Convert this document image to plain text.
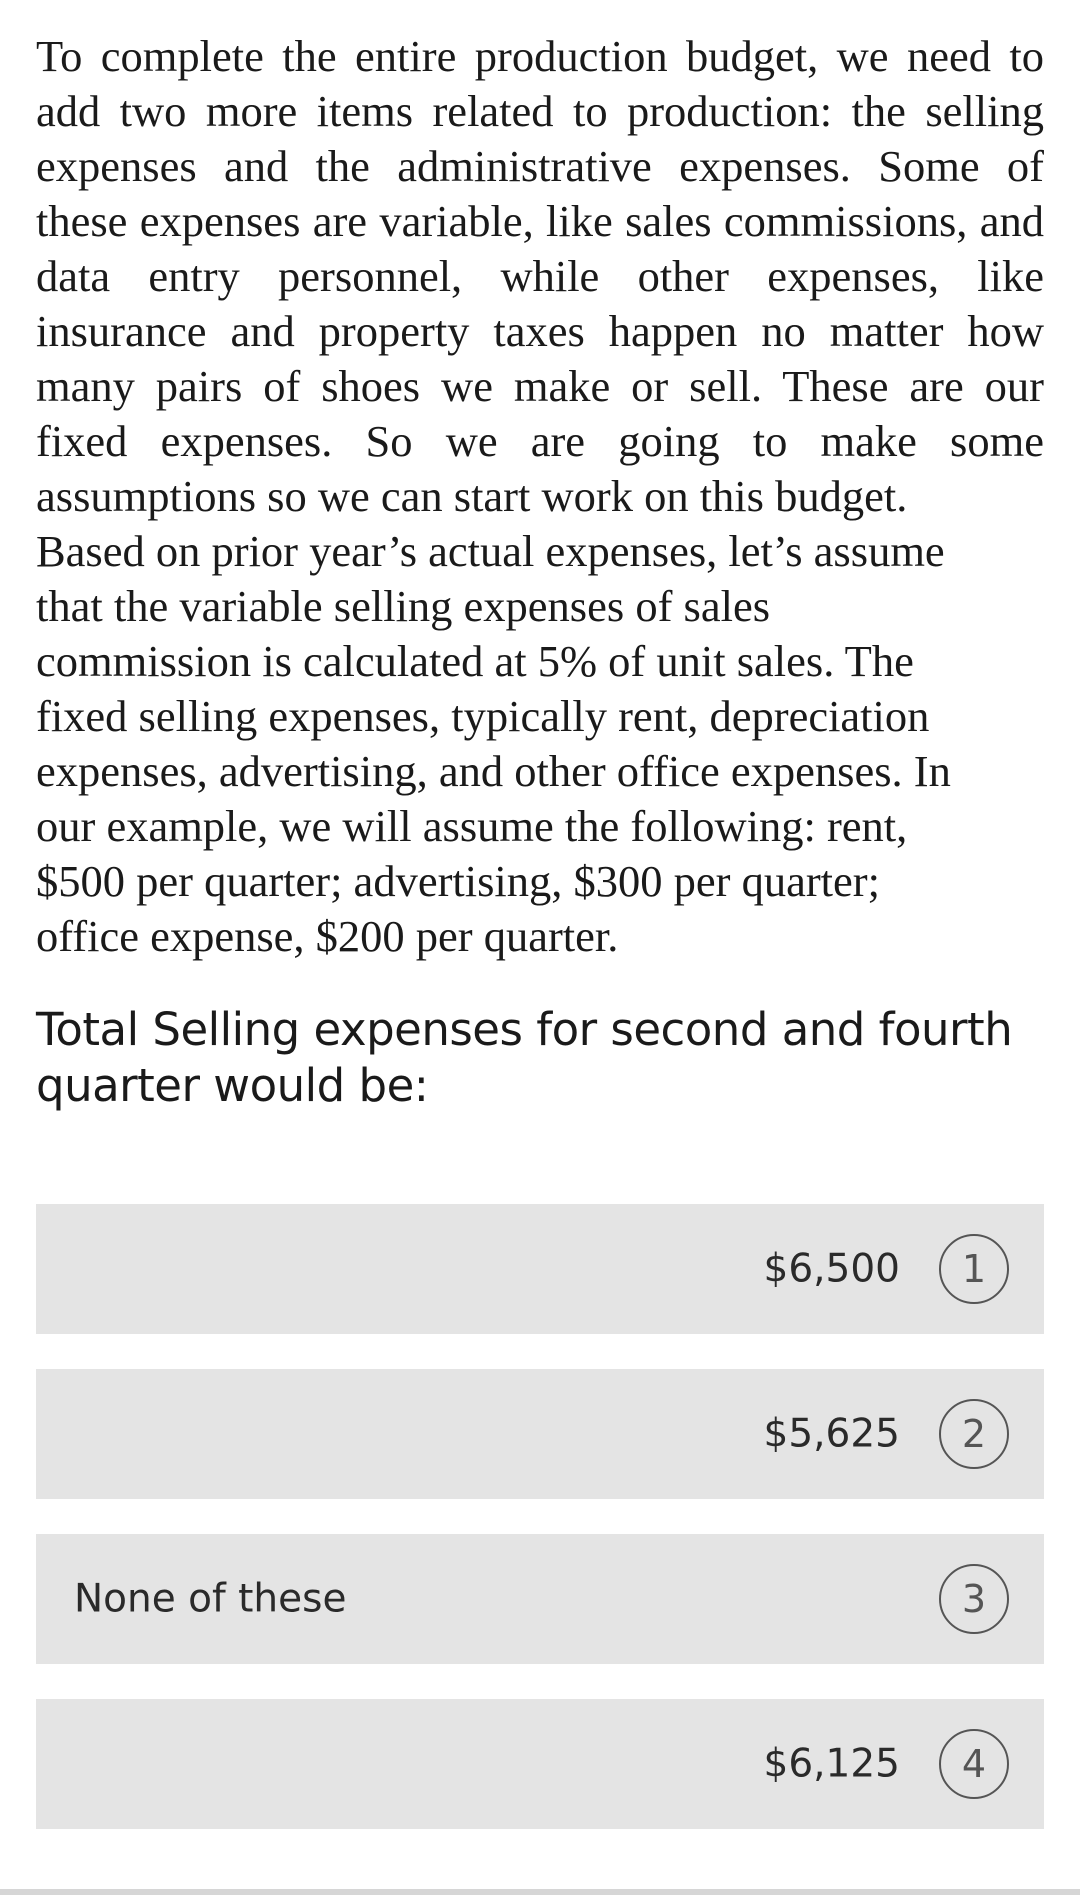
To complete the entire production budget, we need to add two more items related to production: the selling expenses and the administrative expenses. Some of these expenses are variable, like sales commissions, and data entry personnel, while other expenses, like insurance and property taxes happen no matter how many pairs of shoes we make or sell. These are our fixed expenses. So we are going to make some assumptions so we can start work on this budget.

Based on prior year’s actual expenses, let’s assume
that the variable selling expenses of sales
commission is calculated at 5% of unit sales. The
fixed selling expenses, typically rent, depreciation
expenses, advertising, and other office expenses. In
our example, we will assume the following: rent,
$500 per quarter; advertising, $300 per quarter;
office expense, $200 per quarter.

Total Selling expenses for second and fourth quarter would be:

$6,500	1
$5,625	2
None of these	3
$6,125	4
